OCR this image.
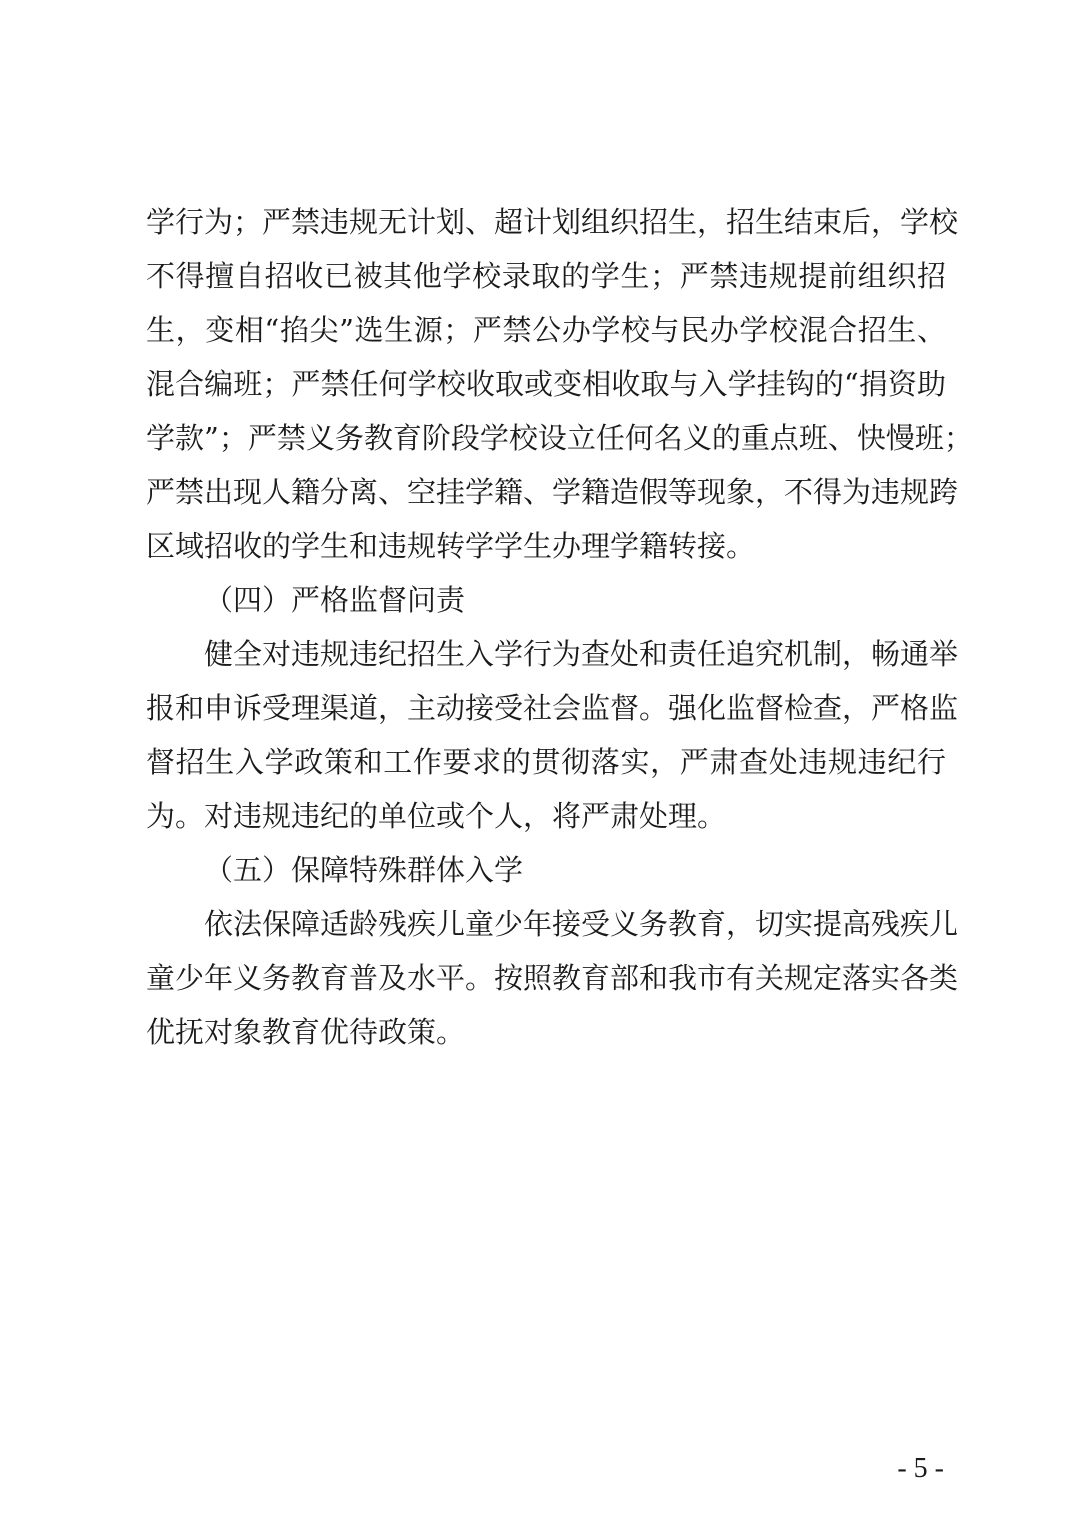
学行为；严禁违规无计划、超计划组织招生，招生结束后，学校
不得擅自招收已被其他学校录取的学生；严禁违规提前组织招
生，变相“掐尖”选生源；严禁公办学校与民办学校混合招生、
混合编班；严禁任何学校收取或变相收取与入学挂钩的“捐资助
学款”；严禁义务教育阶段学校设立任何名义的重点班、快慢班；
严禁出现人籍分离、空挂学籍、学籍造假等现象，不得为违规跨
区域招收的学生和违规转学学生办理学籍转接。
（四）严格监督问责
健全对违规违纪招生入学行为查处和责任追究机制，畅通举
报和申诉受理渠道，主动接受社会监督。强化监督检查，严格监
督招生入学政策和工作要求的贯彻落实，严肃查处违规违纪行
为。对违规违纪的单位或个人，将严肃处理。
（五）保障特殊群体入学
依法保障适龄残疾儿童少年接受义务教育，切实提高残疾儿
童少年义务教育普及水平。按照教育部和我市有关规定落实各类
优抚对象教育优待政策。
- 5 -
